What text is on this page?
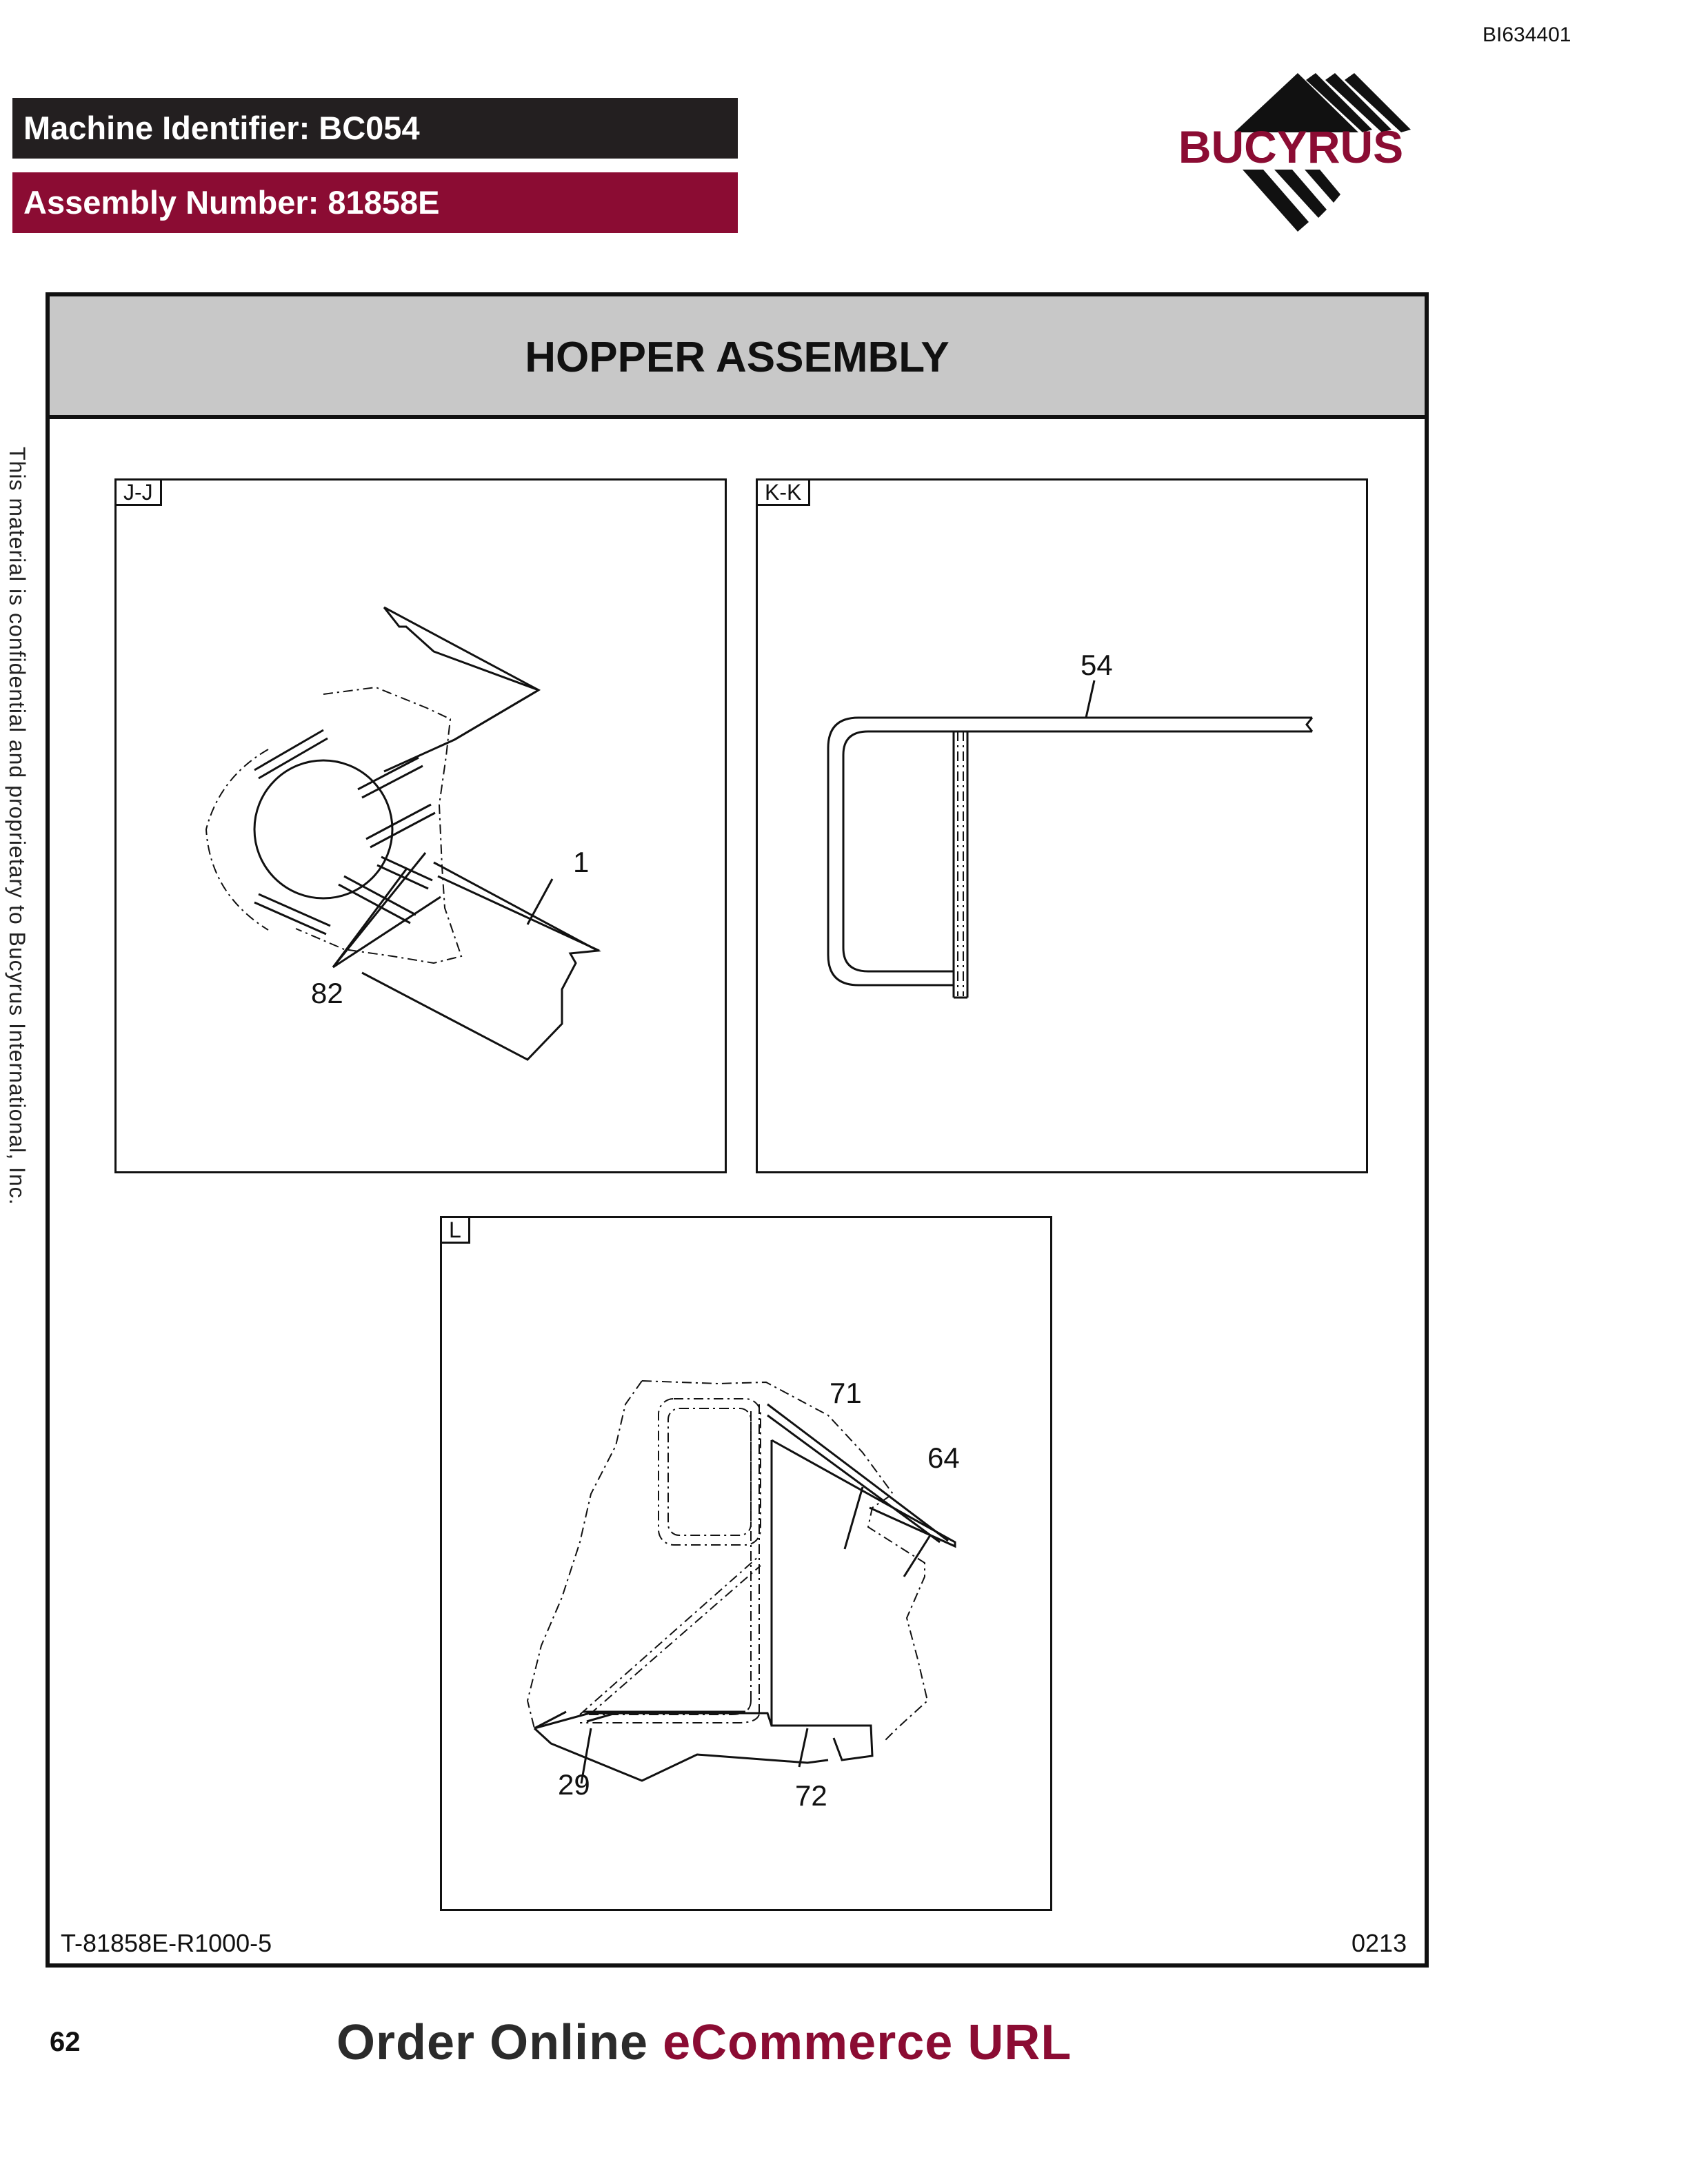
BI634401
Machine Identifier: BC054
Assembly Number: 81858E
BUCYRUS
This material is confidential and proprietary to Bucyrus International, Inc.
HOPPER ASSEMBLY
1
82
J-J
54
K-K
71
64
29	72
L
T-81858E-R1000-5	0213
62	Order Online eCommerce URL
